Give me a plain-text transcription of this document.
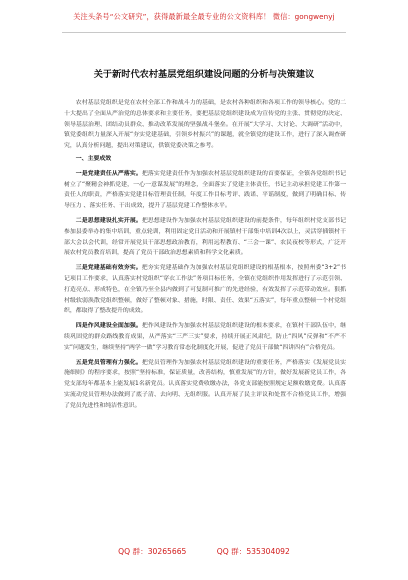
关注头条号“公文研究”，获得最新最全最专业的公文资料库！ 微信：gongwenyj
关于新时代农村基层党组织建设问题的分析与决策建议

农村基层党组织是党在农村全部工作和战斗力的基础，是农村各种组织和各项工作的领导核心。党的二十大提出了全面从严治党的总体要求和主要任务，要把基层党组织建设成为宣传党的主张、贯彻党的决定、领导基层治理、团结动员群众、推动改革发展的坚强战斗堡垒。在开展“大学习、大讨论、大调研”活动中，镇党委组织力量深入开展“夯实党建基础，引领乡村振兴”的课题，就全镇党的建设工作，进行了深入调查研究，认真分析问题，提出对策建议，供镇党委决策之参考。

一、主要成效

一是党建责任从严落实。把落实党建责任作为加强农村基层党组织建设的首要保证，全镇各党组织书记树立了“聚精会神抓党建，一心一意谋发展”的理念，全面落实了党建主体责任，书记主动承担党建工作第一责任人的职责，严格落实党建目标管理责任制，年度工作目标考评、践诺、平谣制度，做到了明确目标、传导压力 、落实任务、干出成效，提升了基层党建工作整体水平。

二是思想建设扎实开展。把思想建设作为加强农村基层党组织建设的前提条件，每年组织村党支部书记参加县委举办的集中培训，重点轮训，利用固定党日活动和开展镇村干部集中培训4次以上，灵活穿插镇村干部大会以会代训，经常开展党员干部思想政治教育，利用远程教育、“三会一课”、农民夜校等形式，广泛开展农村党员教育培训，提高了党员干部政治思想素质和科学文化素质。

三是党建基础有效夯实。把夯实党建基础作为加强农村基层党组织建设的根基根本，按照州委“3+2”书记项目工作要求，认真落实村党组织“穿衣工作法”务项目标任务，全镇在党组织作用发挥进行了示范引领、打造亮点、形成特色，在全镇乃至全县内做到了可复制可推广的先进经验，有效发挥了示范带动效应。狠抓村级软弱涣散党组织整顿，做好了整顿对象、措施，时限、责任、效果“五落实”，每年重点整顿一个村党组织，都取得了整改提升的成效。

四是作风建设全面加强。把作风建设作为加强农村基层党组织建设的根本要求，在镇村干部队伍中，继续巩固党的群众路线教育成果，从严落实“三严三实”要求，持续开展正风肃纪，防止“四风”反弹和“不严不实”问题发生，继续坚持“两学一做”学习教育常态化制度化开展，促进了党员干部做“四讲四有”合格党员。

五是党员管理有力强化。把党员管理作为加强农村基层党组织建设的重要任务，严格落实《发展党员实施细则》的程序要求，按照“坚持标准，保证质量，改善结构，慎重发展”的方针，做好发展新党员工作，各党支部每年都基本上能发展1名新党员。认真落实党费收缴办法，各党支部能按照规定足额收缴党费。认真落实流动党员管理办法做到了底子清、去向明、无组织服。认真开展了民主评议和处置不合格党员工作，增强了党员先进性和纯洁性意识。

QQ 群：30265665	QQ 群：535304092
